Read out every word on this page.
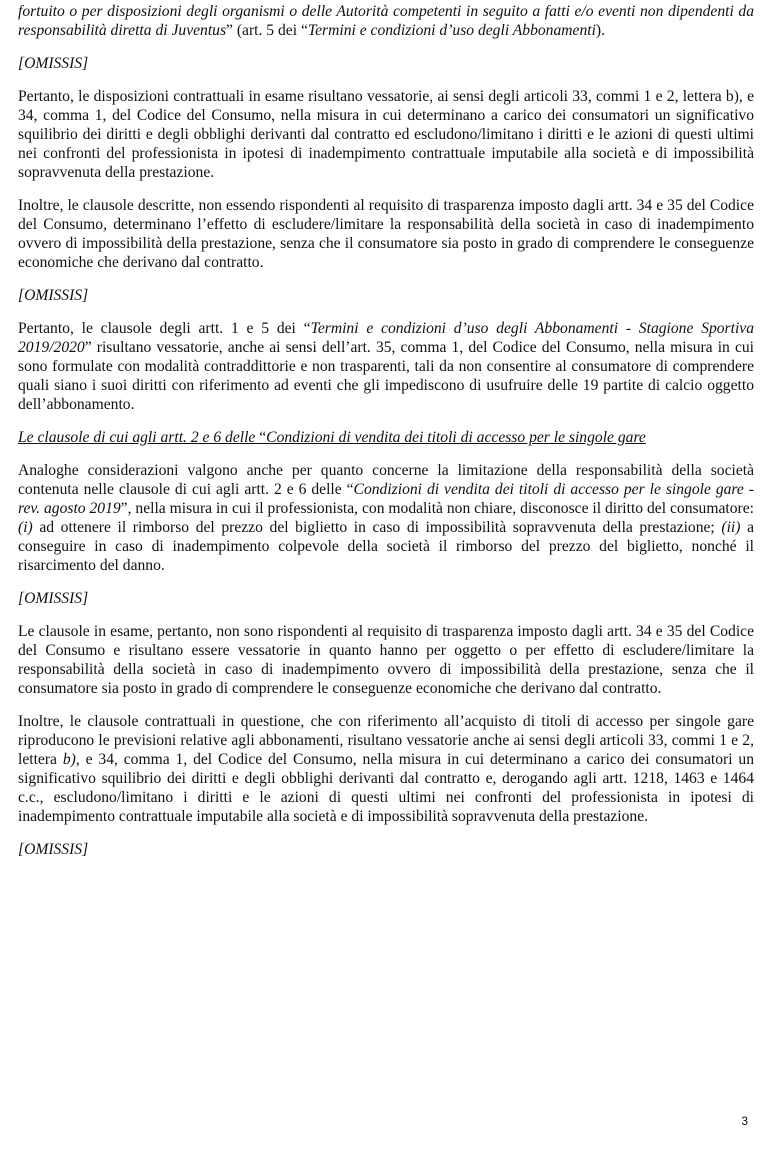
fortuito o per disposizioni degli organismi o delle Autorità competenti in seguito a fatti e/o eventi non dipendenti da responsabilità diretta di Juventus” (art. 5 dei “Termini e condizioni d’uso degli Abbonamenti).

[OMISSIS]

Pertanto, le disposizioni contrattuali in esame risultano vessatorie, ai sensi degli articoli 33, commi 1 e 2, lettera b), e 34, comma 1, del Codice del Consumo, nella misura in cui determinano a carico dei consumatori un significativo squilibrio dei diritti e degli obblighi derivanti dal contratto ed escludono/limitano i diritti e le azioni di questi ultimi nei confronti del professionista in ipotesi di inadempimento contrattuale imputabile alla società e di impossibilità sopravvenuta della prestazione.

Inoltre, le clausole descritte, non essendo rispondenti al requisito di trasparenza imposto dagli artt. 34 e 35 del Codice del Consumo, determinano l’effetto di escludere/limitare la responsabilità della società in caso di inadempimento ovvero di impossibilità della prestazione, senza che il consumatore sia posto in grado di comprendere le conseguenze economiche che derivano dal contratto.

[OMISSIS]

Pertanto, le clausole degli artt. 1 e 5 dei “Termini e condizioni d’uso degli Abbonamenti - Stagione Sportiva 2019/2020” risultano vessatorie, anche ai sensi dell’art. 35, comma 1, del Codice del Consumo, nella misura in cui sono formulate con modalità contraddittorie e non trasparenti, tali da non consentire al consumatore di comprendere quali siano i suoi diritti con riferimento ad eventi che gli impediscono di usufruire delle 19 partite di calcio oggetto dell’abbonamento.

Le clausole di cui agli artt. 2 e 6 delle “Condizioni di vendita dei titoli di accesso per le singole gare

Analoghe considerazioni valgono anche per quanto concerne la limitazione della responsabilità della società contenuta nelle clausole di cui agli artt. 2 e 6 delle “Condizioni di vendita dei titoli di accesso per le singole gare - rev. agosto 2019”, nella misura in cui il professionista, con modalità non chiare, disconosce il diritto del consumatore: (i) ad ottenere il rimborso del prezzo del biglietto in caso di impossibilità sopravvenuta della prestazione; (ii) a conseguire in caso di inadempimento colpevole della società il rimborso del prezzo del biglietto, nonché il risarcimento del danno.

[OMISSIS]

Le clausole in esame, pertanto, non sono rispondenti al requisito di trasparenza imposto dagli artt. 34 e 35 del Codice del Consumo e risultano essere vessatorie in quanto hanno per oggetto o per effetto di escludere/limitare la responsabilità della società in caso di inadempimento ovvero di impossibilità della prestazione, senza che il consumatore sia posto in grado di comprendere le conseguenze economiche che derivano dal contratto.

Inoltre, le clausole contrattuali in questione, che con riferimento all’acquisto di titoli di accesso per singole gare riproducono le previsioni relative agli abbonamenti, risultano vessatorie anche ai sensi degli articoli 33, commi 1 e 2, lettera b), e 34, comma 1, del Codice del Consumo, nella misura in cui determinano a carico dei consumatori un significativo squilibrio dei diritti e degli obblighi derivanti dal contratto e, derogando agli artt. 1218, 1463 e 1464 c.c., escludono/limitano i diritti e le azioni di questi ultimi nei confronti del professionista in ipotesi di inadempimento contrattuale imputabile alla società e di impossibilità sopravvenuta della prestazione.

[OMISSIS]

3
